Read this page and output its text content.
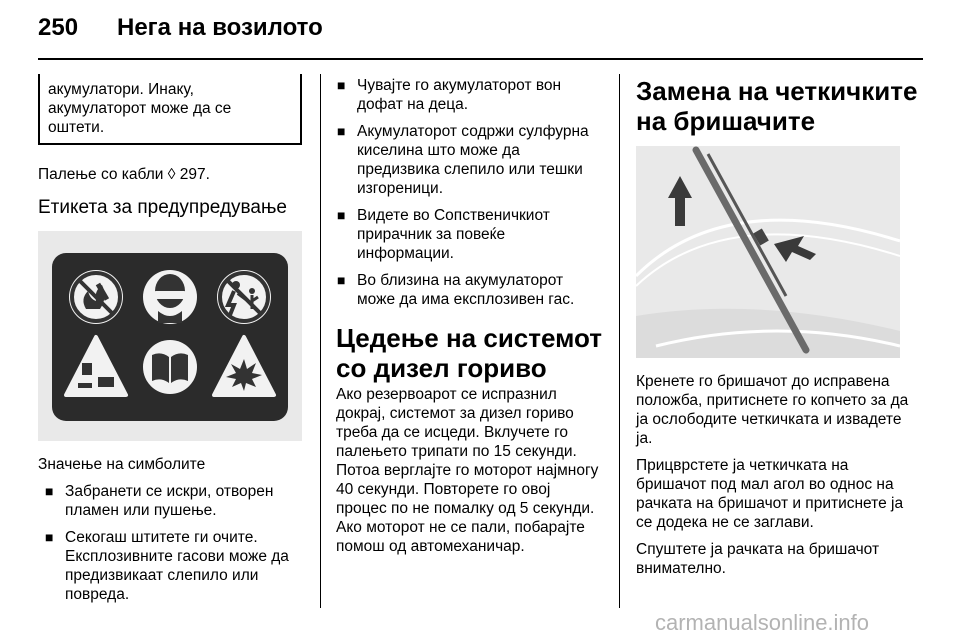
250 Нега на возилото

акумулатори. Инаку, акумулаторот може да се оштети.

Палење со кабли ◊ 297.

Етикета за предупредување

Значење на симболите

■ Забранети се искри, отворен пламен или пушење.
■ Секогаш штитете ги очите. Експлозивните гасови може да предизвикаат слепило или повреда.
■ Чувајте го акумулаторот вон дофат на деца.
■ Акумулаторот содржи сулфурна киселина што може да предизвика слепило или тешки изгореници.
■ Видете во Сопственичкиот прирачник за повеќе информации.
■ Во близина на акумулаторот може да има експлозивен гас.

Цедење на системот со дизел гориво

Ако резервоарот се испразнил докрај, системот за дизел гориво треба да се исцеди. Вклучете го палењето трипати по 15 секунди. Потоа верглајте го моторот најмногу 40 секунди. Повторете го овој процес по не помалку од 5 секунди. Ако моторот не се пали, побарајте помош од автомеханичар.

Замена на четкичките на бришачите

Кренете го бришачот до исправена положба, притиснете го копчето за да ја ослободите четкичката и извадете ја.

Прицврстете ја четкичката на бришачот под мал агол во однос на рачката на бришачот и притиснете ја се додека не се заглави.

Спуштете ја рачката на бришачот внимателно.

carmanualsonline.info
